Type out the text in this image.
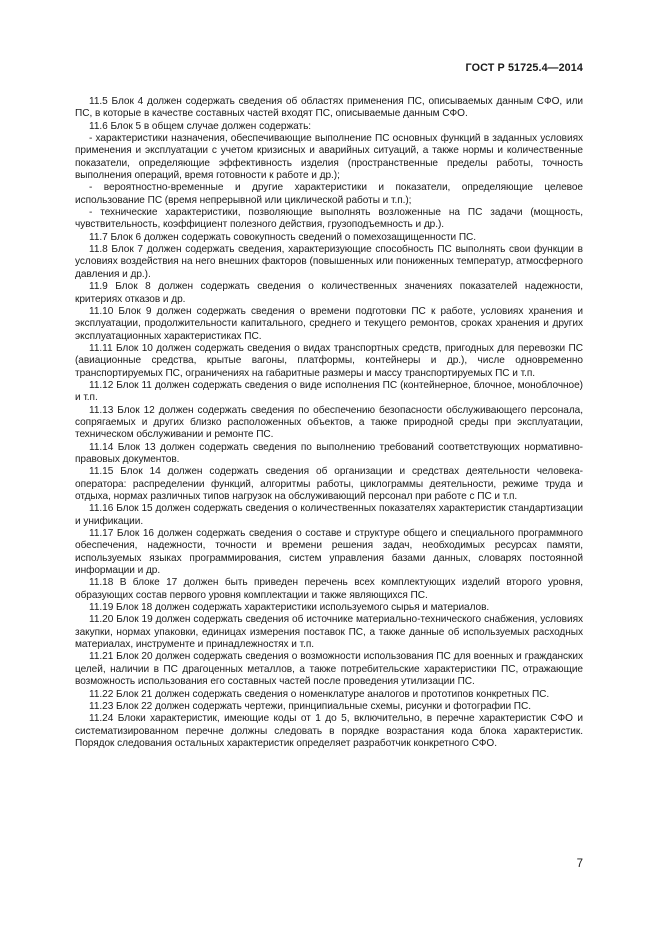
ГОСТ Р 51725.4—2014

11.5 Блок 4 должен содержать сведения об областях применения ПС, описываемых данным СФО, или ПС, в которые в качестве составных частей входят ПС, описываемые данным СФО.

11.6 Блок 5 в общем случае должен содержать:

- характеристики назначения, обеспечивающие выполнение ПС основных функций в заданных условиях применения и эксплуатации с учетом кризисных и аварийных ситуаций, а также нормы и количественные показатели, определяющие эффективность изделия (пространственные пределы работы, точность выполнения операций, время готовности к работе и др.);

- вероятностно-временные и другие характеристики и показатели, определяющие целевое использование ПС (время непрерывной или циклической работы и т.п.);

- технические характеристики, позволяющие выполнять возложенные на ПС задачи (мощность, чувствительность, коэффициент полезного действия, грузоподъемность и др.).

11.7 Блок 6 должен содержать совокупность сведений о помехозащищенности ПС.

11.8 Блок 7 должен содержать сведения, характеризующие способность ПС выполнять свои функции в условиях воздействия на него внешних факторов (повышенных или пониженных температур, атмосферного давления и др.).

11.9 Блок 8 должен содержать сведения о количественных значениях показателей надежности, критериях отказов и др.

11.10 Блок 9 должен содержать сведения о времени подготовки ПС к работе, условиях хранения и эксплуатации, продолжительности капитального, среднего и текущего ремонтов, сроках хранения и других эксплуатационных характеристиках ПС.

11.11 Блок 10 должен содержать сведения о видах транспортных средств, пригодных для перевозки ПС (авиационные средства, крытые вагоны, платформы, контейнеры и др.), числе одновременно транспортируемых ПС, ограничениях на габаритные размеры и массу транспортируемых ПС и т.п.

11.12 Блок 11 должен содержать сведения о виде исполнения ПС (контейнерное, блочное, моноблочное) и т.п.

11.13 Блок 12 должен содержать сведения по обеспечению безопасности обслуживающего персонала, сопрягаемых и других близко расположенных объектов, а также природной среды при эксплуатации, техническом обслуживании и ремонте ПС.

11.14 Блок 13 должен содержать сведения по выполнению требований соответствующих нормативно-правовых документов.

11.15 Блок 14 должен содержать сведения об организации и средствах деятельности человека-оператора: распределении функций, алгоритмы работы, циклограммы деятельности, режиме труда и отдыха, нормах различных типов нагрузок на обслуживающий персонал при работе с ПС и т.п.

11.16 Блок 15 должен содержать сведения о количественных показателях характеристик стандартизации и унификации.

11.17 Блок 16 должен содержать сведения о составе и структуре общего и специального программного обеспечения, надежности, точности и времени решения задач, необходимых ресурсах памяти, используемых языках программирования, систем управления базами данных, словарях постоянной информации и др.

11.18 В блоке 17 должен быть приведен перечень всех комплектующих изделий второго уровня, образующих состав первого уровня комплектации и также являющихся ПС.

11.19 Блок 18 должен содержать характеристики используемого сырья и материалов.

11.20 Блок 19 должен содержать сведения об источнике материально-технического снабжения, условиях закупки, нормах упаковки, единицах измерения поставок ПС, а также данные об используемых расходных материалах, инструменте и принадлежностях и т.п.

11.21 Блок 20 должен содержать сведения о возможности использования ПС для военных и гражданских целей, наличии в ПС драгоценных металлов, а также потребительские характеристики ПС, отражающие возможность использования его составных частей после проведения утилизации ПС.

11.22 Блок 21 должен содержать сведения о номенклатуре аналогов и прототипов конкретных ПС.

11.23 Блок 22 должен содержать чертежи, принципиальные схемы, рисунки и фотографии ПС.

11.24 Блоки характеристик, имеющие коды от 1 до 5, включительно, в перечне характеристик СФО и систематизированном перечне должны следовать в порядке возрастания кода блока характеристик. Порядок следования остальных характеристик определяет разработчик конкретного СФО.

7
